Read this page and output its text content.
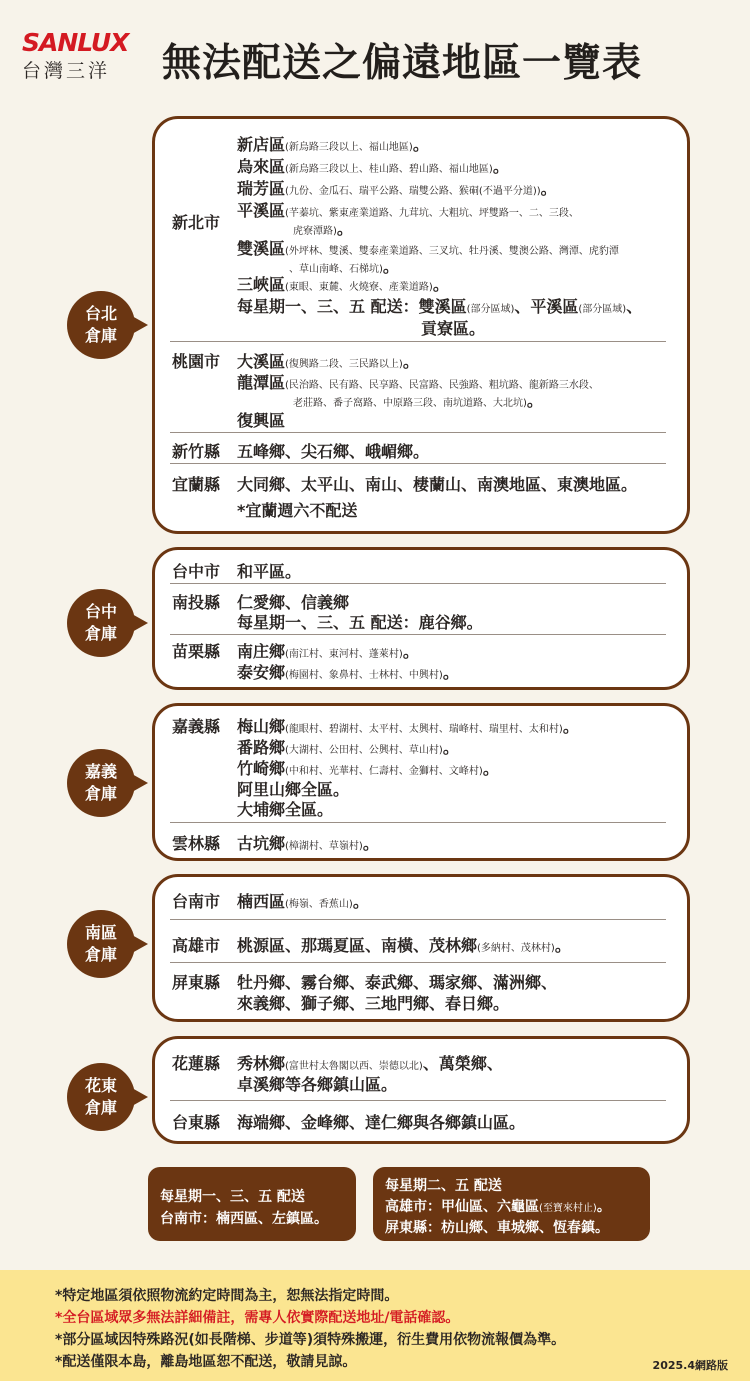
SANLUX
台灣三洋	無法配送之偏遠地區一覽表
台北
倉庫
新北市
新店區(新烏路三段以上、福山地區)。
烏來區(新烏路三段以上、桂山路、碧山路、福山地區)。
瑞芳區(九份、金瓜石、瑞平公路、瑞雙公路、猴硐(不過平分道))。
平溪區(芊蓁坑、紫東產業道路、九茸坑、大粗坑、坪雙路一、二、三段、
虎寮潭路)。
雙溪區(外坪林、雙溪、雙泰產業道路、三叉坑、牡丹溪、雙澳公路、灣潭、虎豹潭
、草山南峰、石梯坑)。
三峽區(東眼、東麓、火燒寮、產業道路)。
每星期一、三、五 配送：雙溪區(部分區域)、平溪區(部分區域)、
貢寮區。
桃園市 大溪區(復興路二段、三民路以上)。
龍潭區(民治路、民有路、民享路、民富路、民強路、粗坑路、龍新路三水段、
老莊路、番子窩路、中原路三段、南坑道路、大北坑)。
復興區
新竹縣 五峰鄉、尖石鄉、峨嵋鄉。
宜蘭縣 大同鄉、太平山、南山、棲蘭山、南澳地區、東澳地區。
*宜蘭週六不配送
台中
倉庫
台中市 和平區。
南投縣 仁愛鄉、信義鄉
每星期一、三、五 配送：鹿谷鄉。
苗栗縣 南庄鄉(南江村、東河村、蓬萊村)。
泰安鄉(梅園村、象鼻村、士林村、中興村)。
嘉義
倉庫
嘉義縣 梅山鄉(龍眼村、碧湖村、太平村、太興村、瑞峰村、瑞里村、太和村)。
番路鄉(大湖村、公田村、公興村、草山村)。
竹崎鄉(中和村、光華村、仁壽村、金獅村、文峰村)。
阿里山鄉全區。
大埔鄉全區。
雲林縣 古坑鄉(樟湖村、草嶺村)。
南區
倉庫
台南市 楠西區(梅嶺、香蕉山)。
高雄市 桃源區、那瑪夏區、南橫、茂林鄉(多納村、茂林村)。
屏東縣 牡丹鄉、霧台鄉、泰武鄉、瑪家鄉、滿洲鄉、
來義鄉、獅子鄉、三地門鄉、春日鄉。
花東
倉庫
花蓮縣 秀林鄉(富世村太魯閣以西、崇德以北)、萬榮鄉、
卓溪鄉等各鄉鎮山區。
台東縣 海端鄉、金峰鄉、達仁鄉與各鄉鎮山區。
每星期一、三、五 配送
台南市：楠西區、左鎮區。
每星期二、五 配送
高雄市：甲仙區、六龜區(至寶來村止)。
屏東縣：枋山鄉、車城鄉、恆春鎮。
*特定地區須依照物流約定時間為主，恕無法指定時間。
*全台區域眾多無法詳細備註，需專人依實際配送地址/電話確認。
*部分區域因特殊路況(如長階梯、步道等)須特殊搬運，衍生費用依物流報價為準。
*配送僅限本島，離島地區恕不配送，敬請見諒。	2025.4網路版
